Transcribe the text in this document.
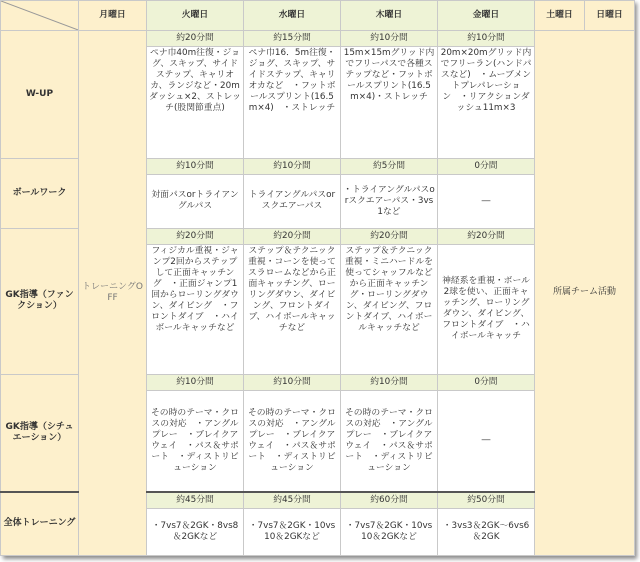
	月曜日	火曜日	水曜日	木曜日	金曜日	土曜日	日曜日
W-UP	トレーニングOFF	約20分間	約15分間	約10分間	約10分間	所属チーム活動	

		ペナ巾40m往復・ジョグ、スキップ、サイドステップ、キャリオカ、ランジなど・20mダッシュ×2、ストレッチ(股関節重点)	ペナ巾16．5m往復・ジョグ、スキップ、サイドステップ、キャリオカなど　・フットボールスプリント(16.5m×4)　・ストレッチ	15m×15mグリッド内でフリーパスで各種ステップなど・フットボールスプリント(16.5m×4)・ストレッチ	20m×20mグリッド内でフリーラン(ハンドパスなど)　・ムーブメントプレパレーション　・リアクションダッシュ11m×3		
ボールワーク		約10分間	約10分間	約5分間	0分間		
		対面パスorトライアングルパス	トライアングルパスorスクエアーパス	・トライアングルパスorスクエアーパス・3vs1など	―		
GK指導（ファンクション）		約20分間	約20分間	約20分間	約20分間		
		フィジカル重視・ジャンプ2回からステップして正面キャッチング　・正面ジャンプ1回からローリングダウン、ダイビング　・フロントダイブ　・ハイボールキャッチなど	ステップ＆テクニック重視・コーンを使ってスラロームなどから正面キャッチング、ローリングダウン、ダイビング、フロントダイブ、ハイボールキャッチなど	ステップ＆テクニック重視・ミニハードルを使ってシャッフルなどから正面キャッチング・ローリングダウン、ダイビング、フロントダイブ、ハイボールキャッチなど	神経系を重視・ボール2球を使い、正面キャッチング、ローリングダウン、ダイビング、フロントダイブ　・ハイボールキャッチ		
GK指導（シチュエーション）		約10分間	約10分間	約10分間	0分間		
		その時のテーマ・クロスの対応　・アングルプレー　・ブレイクアウェイ　・パス＆サポート　・ディストリビューション	その時のテーマ・クロスの対応　・アングルプレー　・ブレイクアウェイ　・パス＆サポート　・ディストリビューション	その時のテーマ・クロスの対応　・アングルプレー　・ブレイクアウェイ　・パス＆サポート　・ディストリビューション	―		
全体トレーニング		約45分間	約45分間	約60分間	約50分間		
		・7vs7＆2GK・8vs8＆2GKなど	・7vs7＆2GK・10vs10＆2GKなど	・7vs7＆2GK・10vs10＆2GKなど	・3vs3＆2GK～6vs6＆2GK		
